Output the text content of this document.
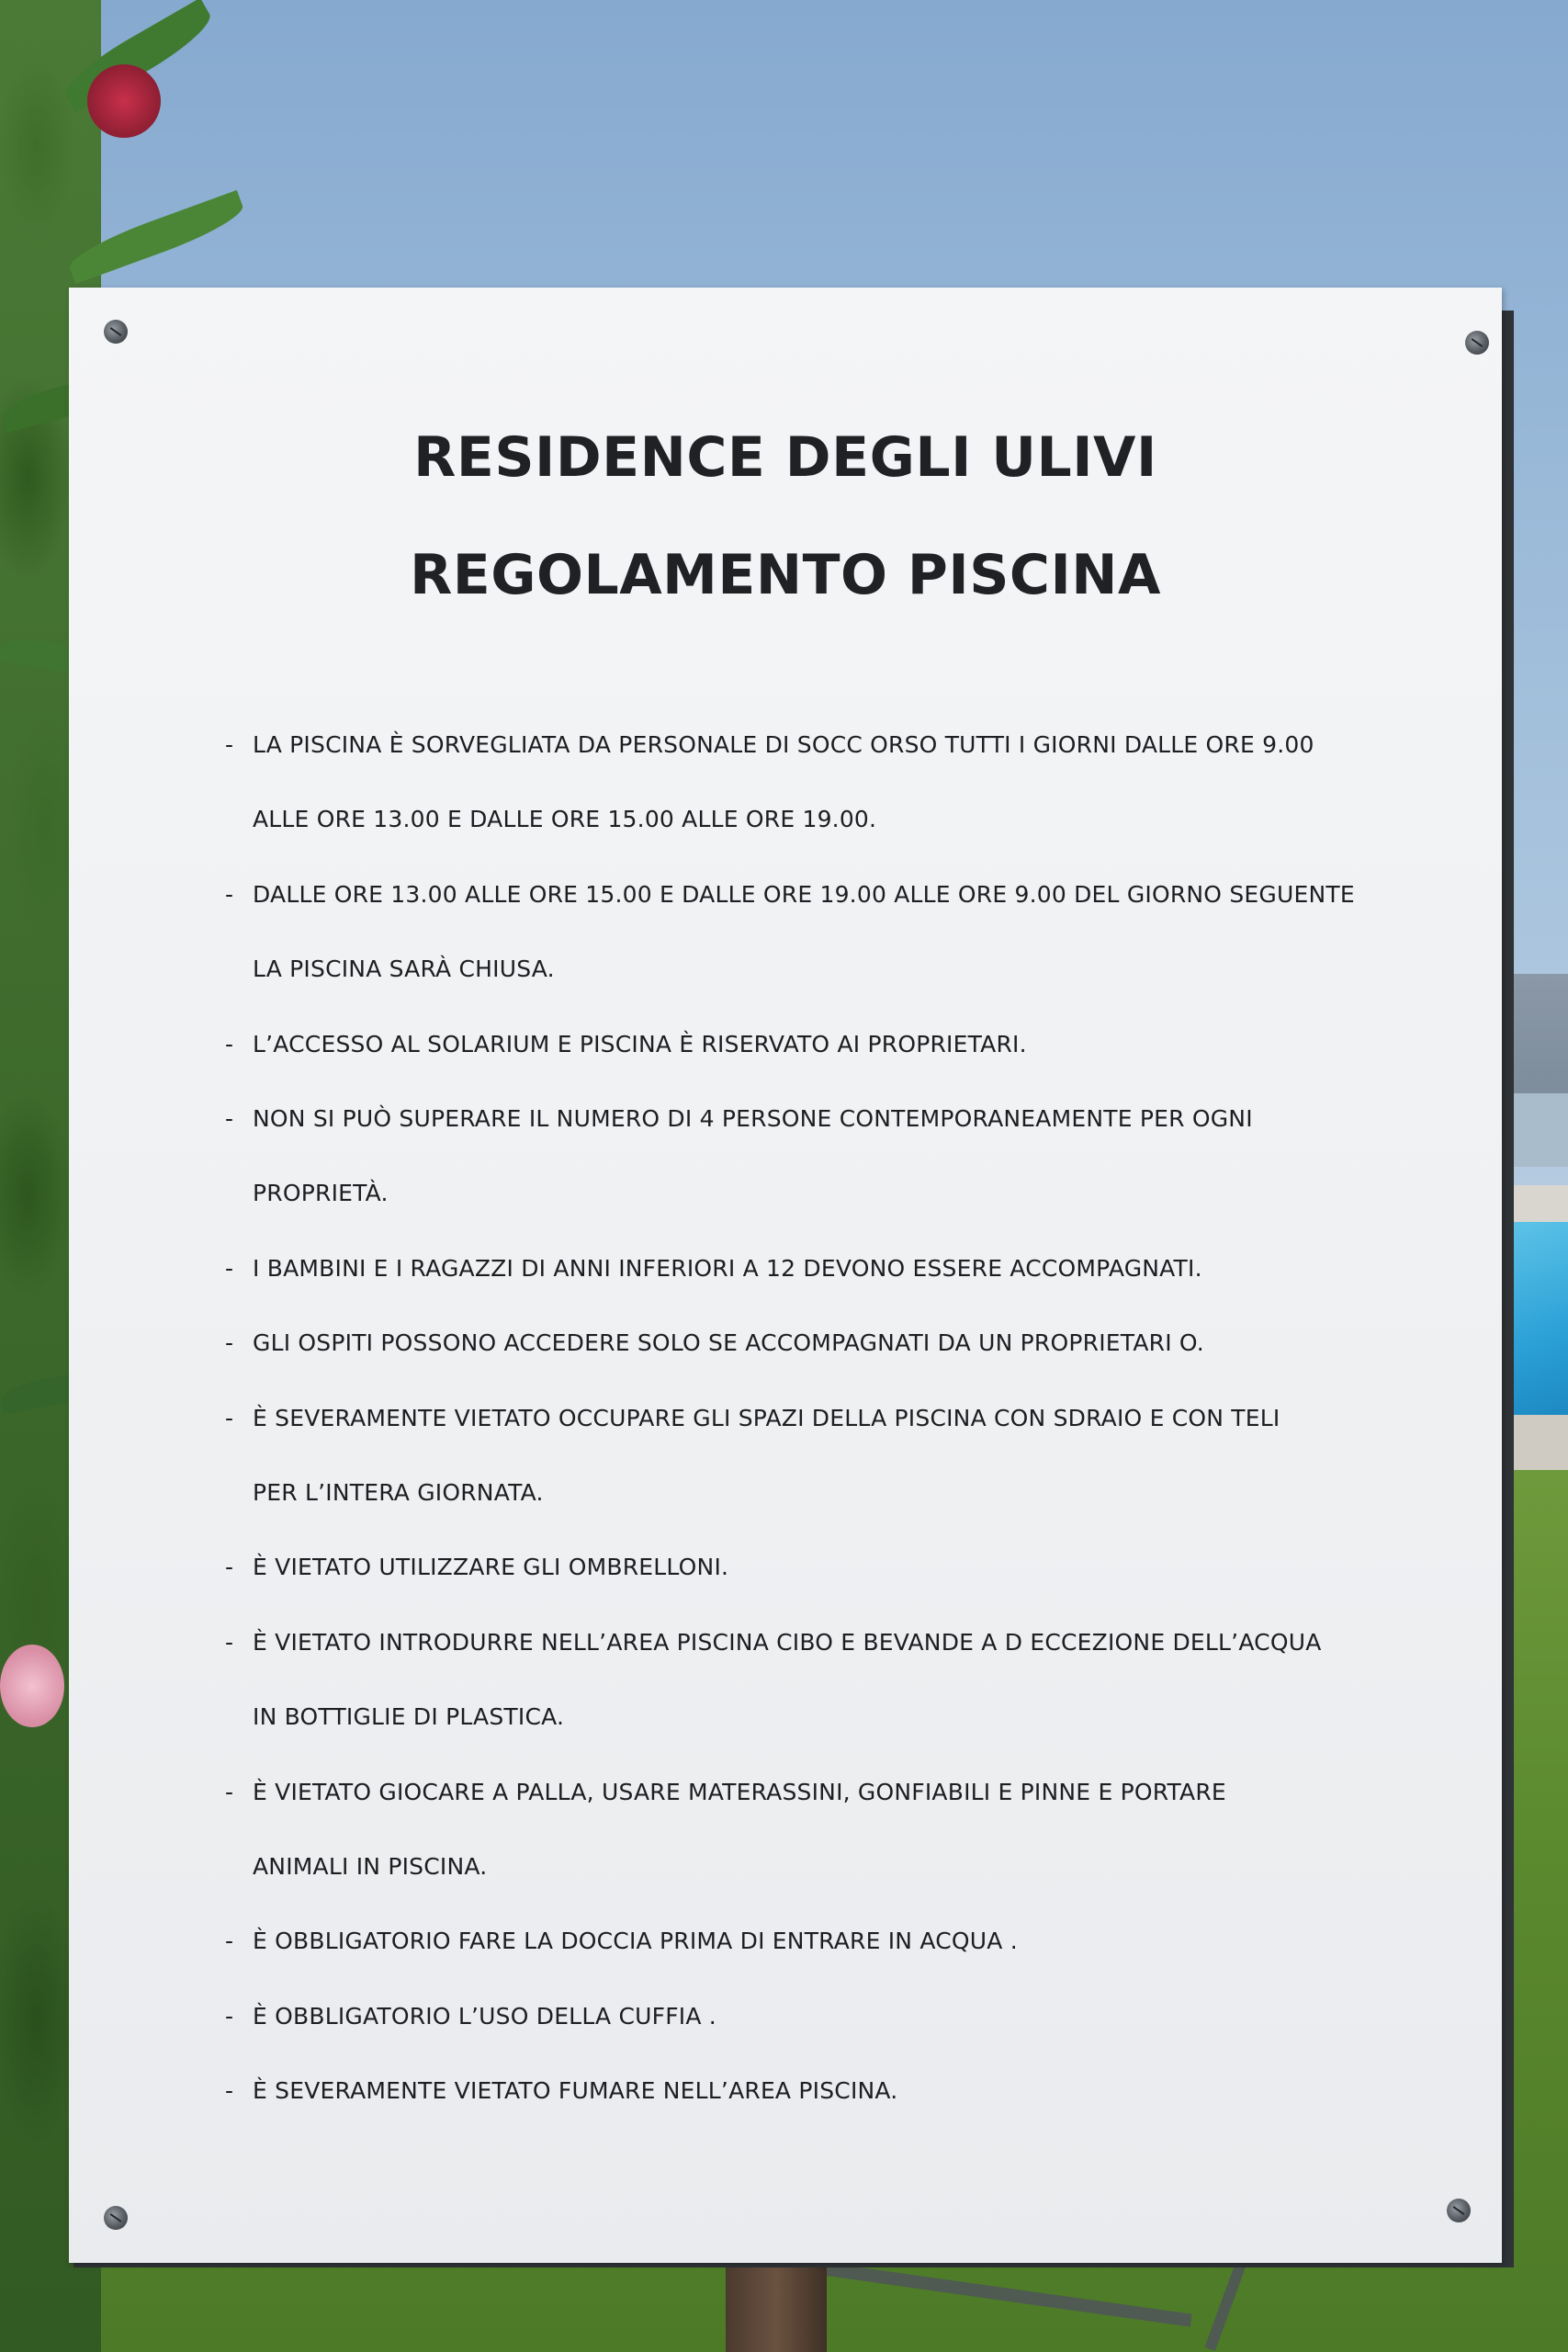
RESIDENCE DEGLI ULIVI
REGOLAMENTO PISCINA
- LA PISCINA È SORVEGLIATA DA PERSONALE DI SOCC ORSO TUTTI I GIORNI DALLE ORE 9.00
ALLE ORE 13.00 E DALLE ORE 15.00 ALLE ORE 19.00.
- DALLE ORE 13.00 ALLE ORE 15.00 E DALLE ORE 19.00 ALLE ORE 9.00 DEL GIORNO SEGUENTE
LA PISCINA SARÀ CHIUSA.
- L’ACCESSO AL SOLARIUM E PISCINA È RISERVATO AI PROPRIETARI.
- NON SI PUÒ SUPERARE IL NUMERO DI 4 PERSONE CONTEMPORANEAMENTE PER OGNI
PROPRIETÀ.
- I BAMBINI E I RAGAZZI DI ANNI INFERIORI A 12 DEVONO ESSERE ACCOMPAGNATI.
- GLI OSPITI POSSONO ACCEDERE SOLO SE ACCOMPAGNATI DA UN PROPRIETARI O.
- È SEVERAMENTE VIETATO OCCUPARE GLI SPAZI DELLA PISCINA CON SDRAIO E CON TELI
PER L’INTERA GIORNATA.
- È VIETATO UTILIZZARE GLI OMBRELLONI.
- È VIETATO INTRODURRE NELL’AREA PISCINA CIBO E BEVANDE A D ECCEZIONE DELL’ACQUA
IN BOTTIGLIE DI PLASTICA.
- È VIETATO GIOCARE A PALLA, USARE MATERASSINI, GONFIABILI E PINNE E PORTARE
ANIMALI IN PISCINA.
- È OBBLIGATORIO FARE LA DOCCIA PRIMA DI ENTRARE IN ACQUA .
- È OBBLIGATORIO L’USO DELLA CUFFIA .
- È SEVERAMENTE VIETATO FUMARE NELL’AREA PISCINA.
